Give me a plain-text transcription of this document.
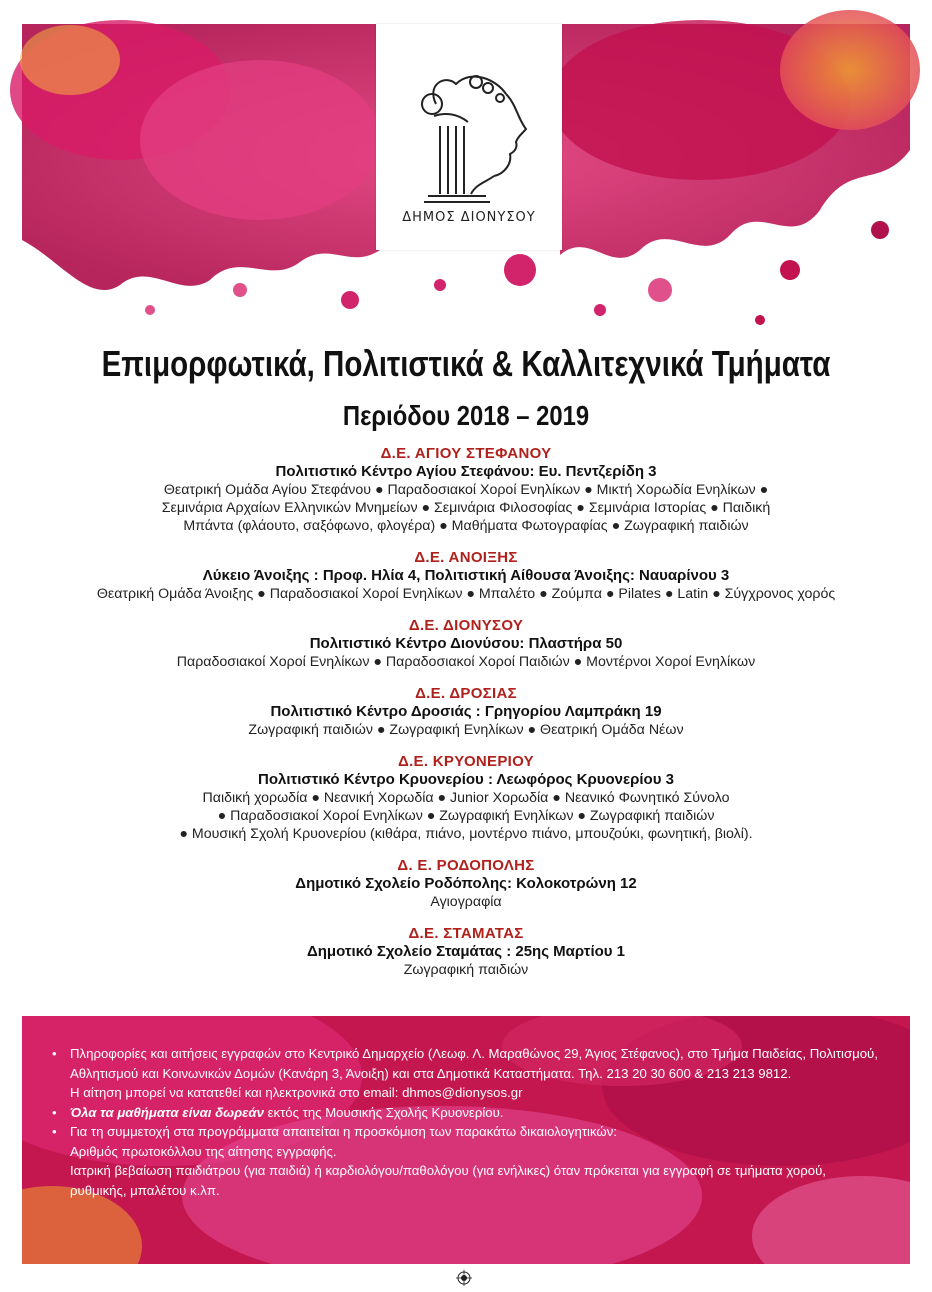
ΔΗΜΟΣ ΔΙΟΝΥΣΟΥ
Επιμορφωτικά, Πολιτιστικά & Καλλιτεχνικά Τμήματα
Περιόδου 2018 – 2019
Δ.Ε. ΑΓΙΟΥ ΣΤΕΦΑΝΟΥ
Πολιτιστικό Κέντρο Αγίου Στεφάνου: Ευ. Πεντζερίδη 3
Θεατρική Ομάδα Αγίου Στεφάνου ● Παραδοσιακοί Χοροί Ενηλίκων ● Μικτή Χορωδία Ενηλίκων ●
Σεμινάρια Αρχαίων Ελληνικών Μνημείων ● Σεμινάρια Φιλοσοφίας ● Σεμινάρια Ιστορίας ● Παιδική
Μπάντα (φλάουτο, σαξόφωνο, φλογέρα) ● Μαθήματα Φωτογραφίας ● Ζωγραφική παιδιών
Δ.Ε. ΑΝΟΙΞΗΣ
Λύκειο Άνοιξης : Προφ. Ηλία 4, Πολιτιστική Αίθουσα Άνοιξης: Ναυαρίνου 3
Θεατρική Ομάδα Άνοιξης ● Παραδοσιακοί Χοροί Ενηλίκων ● Μπαλέτο ● Ζούμπα ● Pilates ● Latin ● Σύγχρονος χορός
Δ.Ε. ΔΙΟΝΥΣΟΥ
Πολιτιστικό Κέντρο Διονύσου: Πλαστήρα 50
Παραδοσιακοί Χοροί Ενηλίκων ● Παραδοσιακοί Χοροί Παιδιών ● Μοντέρνοι Χοροί Ενηλίκων
Δ.Ε. ΔΡΟΣΙΑΣ
Πολιτιστικό Κέντρο Δροσιάς : Γρηγορίου Λαμπράκη 19
Ζωγραφική παιδιών ● Ζωγραφική Ενηλίκων ● Θεατρική Ομάδα Νέων
Δ.Ε. ΚΡΥΟΝΕΡΙΟΥ
Πολιτιστικό Κέντρο Κρυονερίου : Λεωφόρος Κρυονερίου 3
Παιδική χορωδία ● Νεανική Χορωδία ● Junior Χορωδία ● Νεανικό Φωνητικό Σύνολο
● Παραδοσιακοί Χοροί Ενηλίκων ● Ζωγραφική Ενηλίκων ● Ζωγραφική παιδιών
● Μουσική Σχολή Κρυονερίου (κιθάρα, πιάνο, μοντέρνο πιάνο, μπουζούκι, φωνητική, βιολί).
Δ. Ε. ΡΟΔΟΠΟΛΗΣ
Δημοτικό Σχολείο Ροδόπολης: Κολοκοτρώνη 12
Αγιογραφία
Δ.Ε. ΣΤΑΜΑΤΑΣ
Δημοτικό Σχολείο Σταμάτας : 25ης Μαρτίου 1
Ζωγραφική παιδιών
• Πληροφορίες και αιτήσεις εγγραφών στο Κεντρικό Δημαρχείο (Λεωφ. Λ. Μαραθώνος 29, Άγιος Στέφανος), στο Τμήμα Παιδείας, Πολιτισμού,
Αθλητισμού και Κοινωνικών Δομών (Κανάρη 3, Άνοιξη) και στα Δημοτικά Καταστήματα. Τηλ. 213 20 30 600 & 213 213 9812.
Η αίτηση μπορεί να κατατεθεί και ηλεκτρονικά στο email: dhmos@dionysos.gr
• Όλα τα μαθήματα είναι δωρεάν εκτός της Μουσικής Σχολής Κρυονερίου.
• Για τη συμμετοχή στα προγράμματα απαιτείται η προσκόμιση των παρακάτω δικαιολογητικών:
Αριθμός πρωτοκόλλου της αίτησης εγγραφής.
Ιατρική βεβαίωση παιδιάτρου (για παιδιά) ή καρδιολόγου/παθολόγου (για ενήλικες) όταν πρόκειται για εγγραφή σε τμήματα χορού,
ρυθμικής, μπαλέτου κ.λπ.
